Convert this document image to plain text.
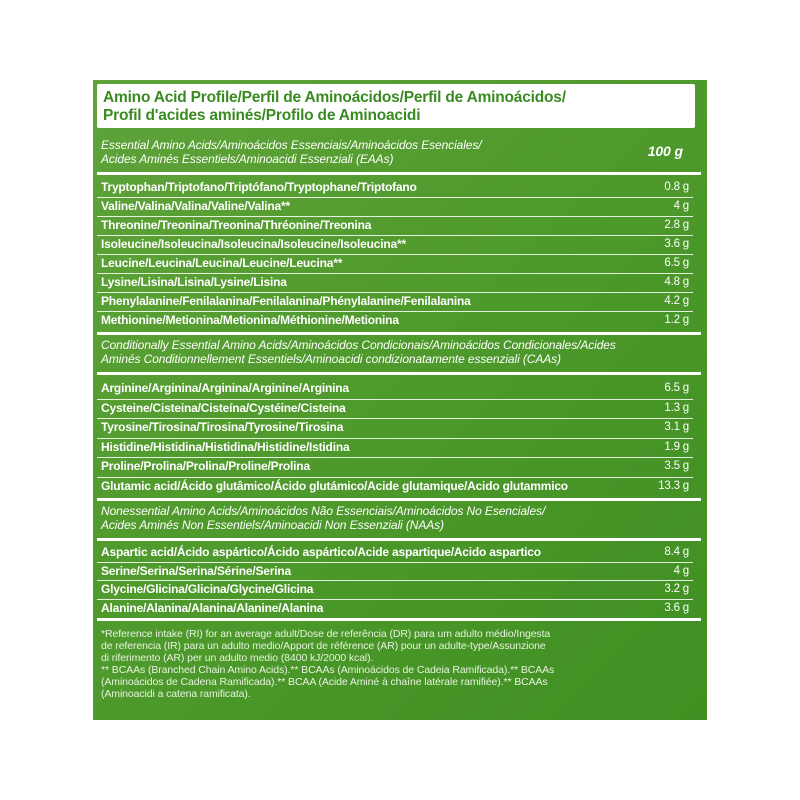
Amino Acid Profile/Perfil de Aminoácidos/Perfil de Aminoácidos/
Profil d'acides aminés/Profilo de Aminoacidi
Essential Amino Acids/Aminoácidos Essenciais/Aminoácidos Esenciales/
Acides Aminés Essentiels/Aminoacidi Essenziali (EAAs)	100 g
Tryptophan/Triptofano/Triptófano/Tryptophane/Triptofano	0.8 g
Valine/Valina/Valina/Valine/Valina**	4 g
Threonine/Treonina/Treonina/Thréonine/Treonina	2.8 g
Isoleucine/Isoleucina/Isoleucina/Isoleucine/Isoleucina**	3.6 g
Leucine/Leucina/Leucina/Leucine/Leucina**	6.5 g
Lysine/Lisina/Lisina/Lysine/Lisina	4.8 g
Phenylalanine/Fenilalanina/Fenilalanina/Phénylalanine/Fenilalanina	4.2 g
Methionine/Metionina/Metionina/Méthionine/Metionina	1.2 g
Conditionally Essential Amino Acids/Aminoácidos Condicionais/Aminoácidos Condicionales/Acides
Aminés Conditionnellement Essentiels/Aminoacidi condizionatamente essenziali (CAAs)
Arginine/Arginina/Arginina/Arginine/Arginina	6.5 g
Cysteine/Cisteina/Cisteína/Cystéine/Cisteina	1.3 g
Tyrosine/Tirosina/Tirosina/Tyrosine/Tirosina	3.1 g
Histidine/Histidina/Histidina/Histidine/Istidina	1.9 g
Proline/Prolina/Prolina/Proline/Prolina	3.5 g
Glutamic acid/Ácido glutâmico/Ácido glutámico/Acide glutamique/Acido glutammico	13.3 g
Nonessential Amino Acids/Aminoácidos Não Essenciais/Aminoácidos No Esenciales/
Acides Aminés Non Essentiels/Aminoacidi Non Essenziali (NAAs)
Aspartic acid/Ácido aspártico/Ácido aspártico/Acide aspartique/Acido aspartico	8.4 g
Serine/Serina/Serina/Sérine/Serina	4 g
Glycine/Glicina/Glicina/Glycine/Glicina	3.2 g
Alanine/Alanina/Alanina/Alanine/Alanina	3.6 g

*Reference intake (RI) for an average adult/Dose de referência (DR) para um adulto médio/Ingesta

de referencia (IR) para un adulto medio/Apport de référence (AR) pour un adulte-type/Assunzione

di riferimento (AR) per un adulto medio (8400 kJ/2000 kcal).

** BCAAs (Branched Chain Amino Acids).** BCAAs (Aminoácidos de Cadeia Ramificada).** BCAAs

(Aminoácidos de Cadena Ramificada).** BCAA (Acide Aminé à chaîne latérale ramifiée).** BCAAs

(Aminoacidi a catena ramificata).
